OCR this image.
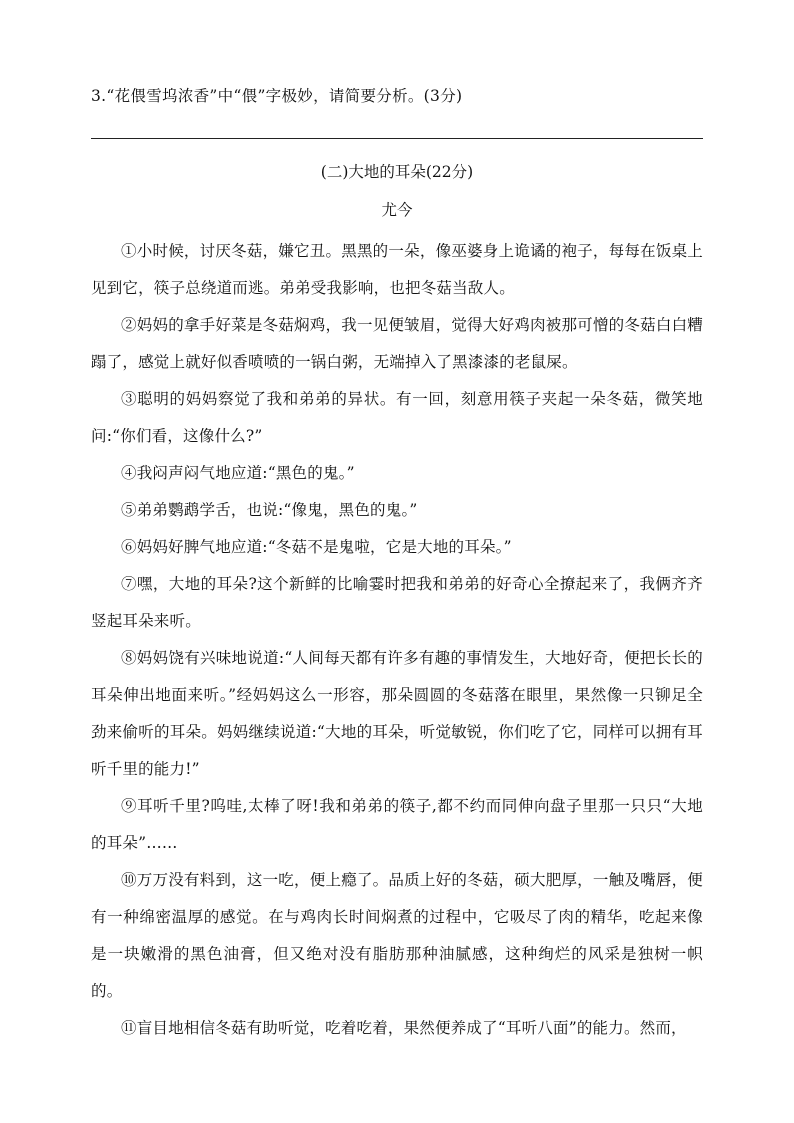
3.“花偎雪坞浓香”中“偎”字极妙，请简要分析。(3分)
(二)大地的耳朵(22分)
尤今

①小时候，讨厌冬菇，嫌它丑。黑黑的一朵，像巫婆身上诡谲的袍子，每每在饭桌上见到它，筷子总绕道而逃。弟弟受我影响，也把冬菇当敌人。

②妈妈的拿手好菜是冬菇焖鸡，我一见便皱眉，觉得大好鸡肉被那可憎的冬菇白白糟蹋了，感觉上就好似香喷喷的一锅白粥，无端掉入了黑漆漆的老鼠屎。

③聪明的妈妈察觉了我和弟弟的异状。有一回，刻意用筷子夹起一朵冬菇，微笑地问:“你们看，这像什么?”

④我闷声闷气地应道:“黑色的鬼。”

⑤弟弟鹦鹉学舌，也说:“像鬼，黑色的鬼。”

⑥妈妈好脾气地应道:“冬菇不是鬼啦，它是大地的耳朵。”

⑦嘿，大地的耳朵?这个新鲜的比喻霎时把我和弟弟的好奇心全撩起来了，我俩齐齐竖起耳朵来听。

⑧妈妈饶有兴味地说道:“人间每天都有许多有趣的事情发生，大地好奇，便把长长的耳朵伸出地面来听。”经妈妈这么一形容，那朵圆圆的冬菇落在眼里，果然像一只铆足全劲来偷听的耳朵。妈妈继续说道:“大地的耳朵，听觉敏锐，你们吃了它，同样可以拥有耳听千里的能力!”

⑨耳听千里?呜哇,太棒了呀!我和弟弟的筷子,都不约而同伸向盘子里那一只只“大地的耳朵”……

⑩万万没有料到，这一吃，便上瘾了。品质上好的冬菇，硕大肥厚，一触及嘴唇，便有一种绵密温厚的感觉。在与鸡肉长时间焖煮的过程中，它吸尽了肉的精华，吃起来像是一块嫩滑的黑色油膏，但又绝对没有脂肪那种油腻感，这种绚烂的风采是独树一帜的。

⑪盲目地相信冬菇有助听觉，吃着吃着，果然便养成了“耳听八面”的能力。然而，
